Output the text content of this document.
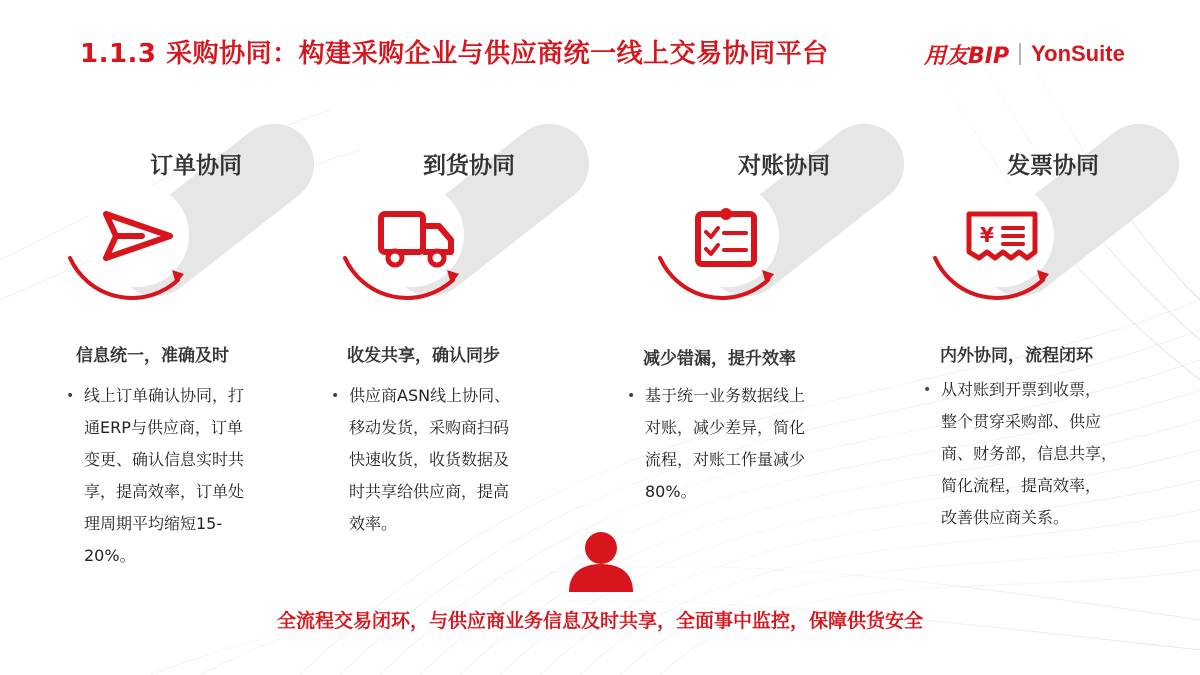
1.1.3 采购协同：构建采购企业与供应商统一线上交易协同平台	用友BIP YonSuite
订单协同	到货协同	对账协同
¥
发票协同
信息统一，准确及时	收发共享，确认同步	减少错漏，提升效率	内外协同，流程闭环
• 线上订单确认协同，打
通ERP与供应商，订单
变更、确认信息实时共
享，提高效率，订单处
理周期平均缩短15-
20%。
• 供应商ASN线上协同、
移动发货，采购商扫码
快速收货，收货数据及
时共享给供应商，提高
效率。
• 基于统一业务数据线上
对账，减少差异，简化
流程，对账工作量减少
80%。
• 从对账到开票到收票，
整个贯穿采购部、供应
商、财务部，信息共享，
简化流程，提高效率，
改善供应商关系。
全流程交易闭环，与供应商业务信息及时共享，全面事中监控，保障供货安全
